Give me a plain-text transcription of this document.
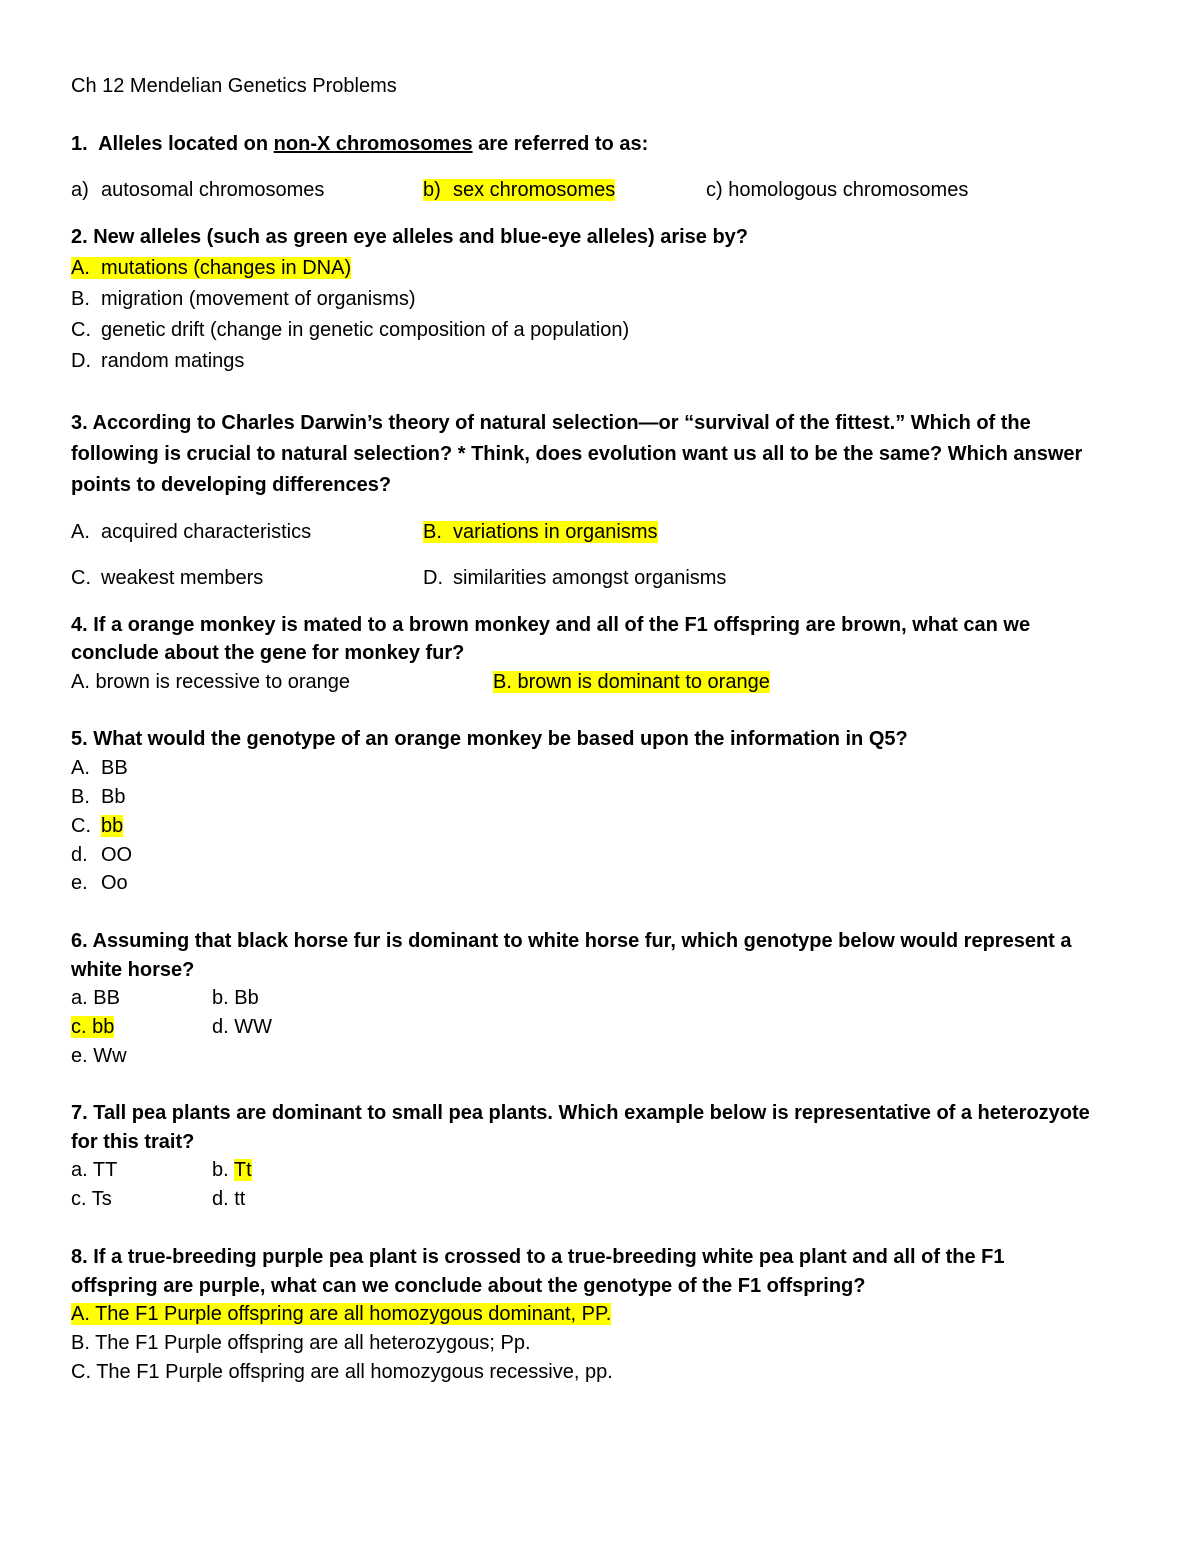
Ch 12 Mendelian Genetics Problems
1. Alleles located on non-X chromosomes are referred to as:
a) autosomal chromosomes	b) sex chromosomes	c) homologous chromosomes
2. New alleles (such as green eye alleles and blue-eye alleles) arise by?
A. mutations (changes in DNA)
B. migration (movement of organisms)
C. genetic drift (change in genetic composition of a population)
D. random matings
3. According to Charles Darwin’s theory of natural selection—or “survival of the fittest.” Which of the
following is crucial to natural selection? * Think, does evolution want us all to be the same? Which answer
points to developing differences?
A. acquired characteristics	B. variations in organisms
C. weakest members	D. similarities amongst organisms
4. If a orange monkey is mated to a brown monkey and all of the F1 offspring are brown, what can we
conclude about the gene for monkey fur?
A. brown is recessive to orange	B. brown is dominant to orange
5. What would the genotype of an orange monkey be based upon the information in Q5?
A. BB
B. Bb
C. bb
d. OO
e. Oo
6. Assuming that black horse fur is dominant to white horse fur, which genotype below would represent a
white horse?
a. BB	b. Bb
c. bb	d. WW
e. Ww
7. Tall pea plants are dominant to small pea plants. Which example below is representative of a heterozyote
for this trait?
a. TT	b. Tt
c. Ts	d. tt
8. If a true-breeding purple pea plant is crossed to a true-breeding white pea plant and all of the F1
offspring are purple, what can we conclude about the genotype of the F1 offspring?
A. The F1 Purple offspring are all homozygous dominant, PP.
B. The F1 Purple offspring are all heterozygous; Pp.
C. The F1 Purple offspring are all homozygous recessive, pp.
